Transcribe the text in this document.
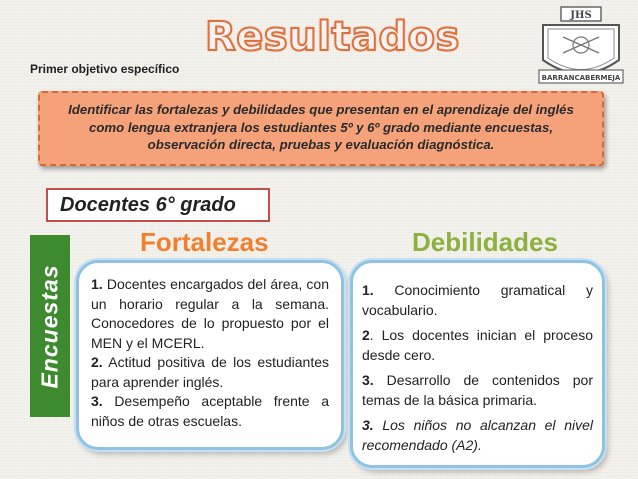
Resultados
Primer objetivo específico
JHS
BARRANCABERMEJA
Identificar las fortalezas y debilidades que presentan en el aprendizaje del inglés como lengua extranjera los estudiantes 5º y 6º grado mediante encuestas, observación directa, pruebas y evaluación diagnóstica.
Docentes 6° grado
Encuestas
Fortalezas	Debilidades

1. Docentes encargados del área, con un horario regular a la semana. Conocedores de lo propuesto por el MEN y el MCERL.

2. Actitud positiva de los estudiantes para aprender inglés.

3. Desempeño aceptable frente a niños de otras escuelas.

1. Conocimiento gramatical y vocabulario.

2. Los docentes inician el proceso desde cero.

3. Desarrollo de contenidos por temas de la básica primaria.

3. Los niños no alcanzan el nivel recomendado (A2).
